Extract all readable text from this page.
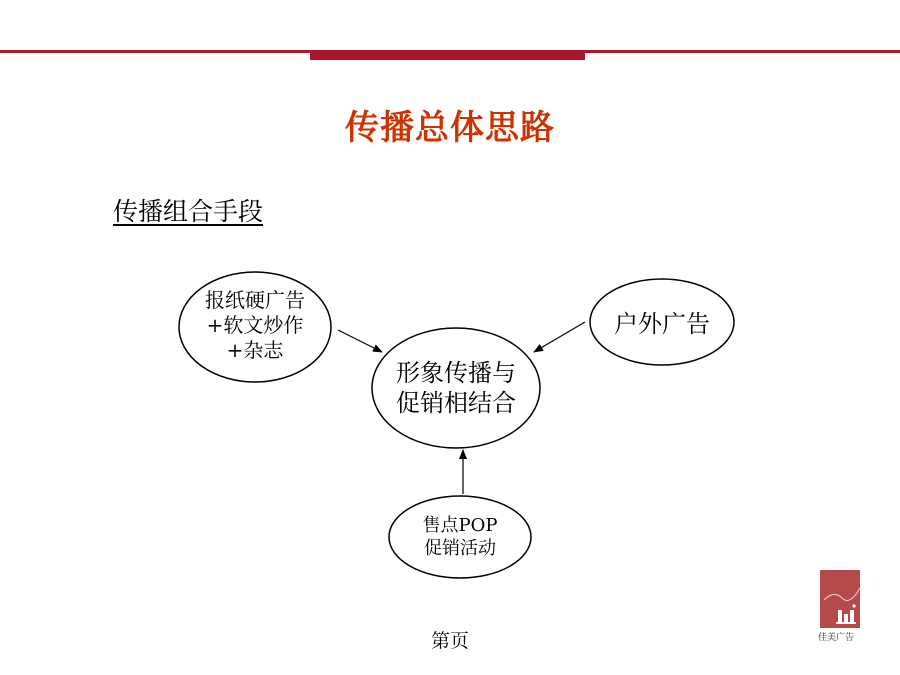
传播总体思路
传播组合手段
报纸硬广告
+软文炒作
+杂志
户外广告
形象传播与
促销相结合
售点POP
促销活动
第页	佳美广告
